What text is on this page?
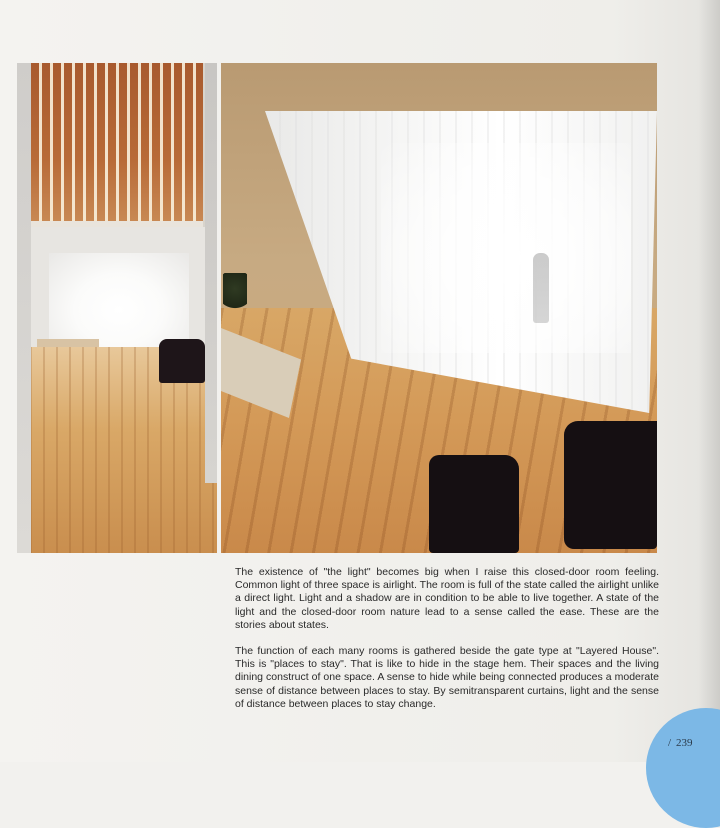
The existence of "the light" becomes big when I raise this closed-door room feeling. Common light of three space is airlight. The room is full of the state called the airlight unlike a direct light. Light and a shadow are in condition to be able to live together. A state of the light and the closed-door room nature lead to a sense called the ease. These are the stories about states.

The function of each many rooms is gathered beside the gate type at "Layered House". This is "places to stay". That is like to hide in the stage hem. Their spaces and the living dining construct of one space. A sense to hide while being connected produces a moderate sense of distance between places to stay. By semitransparent curtains, light and the sense of distance between places to stay change.

/ 239
